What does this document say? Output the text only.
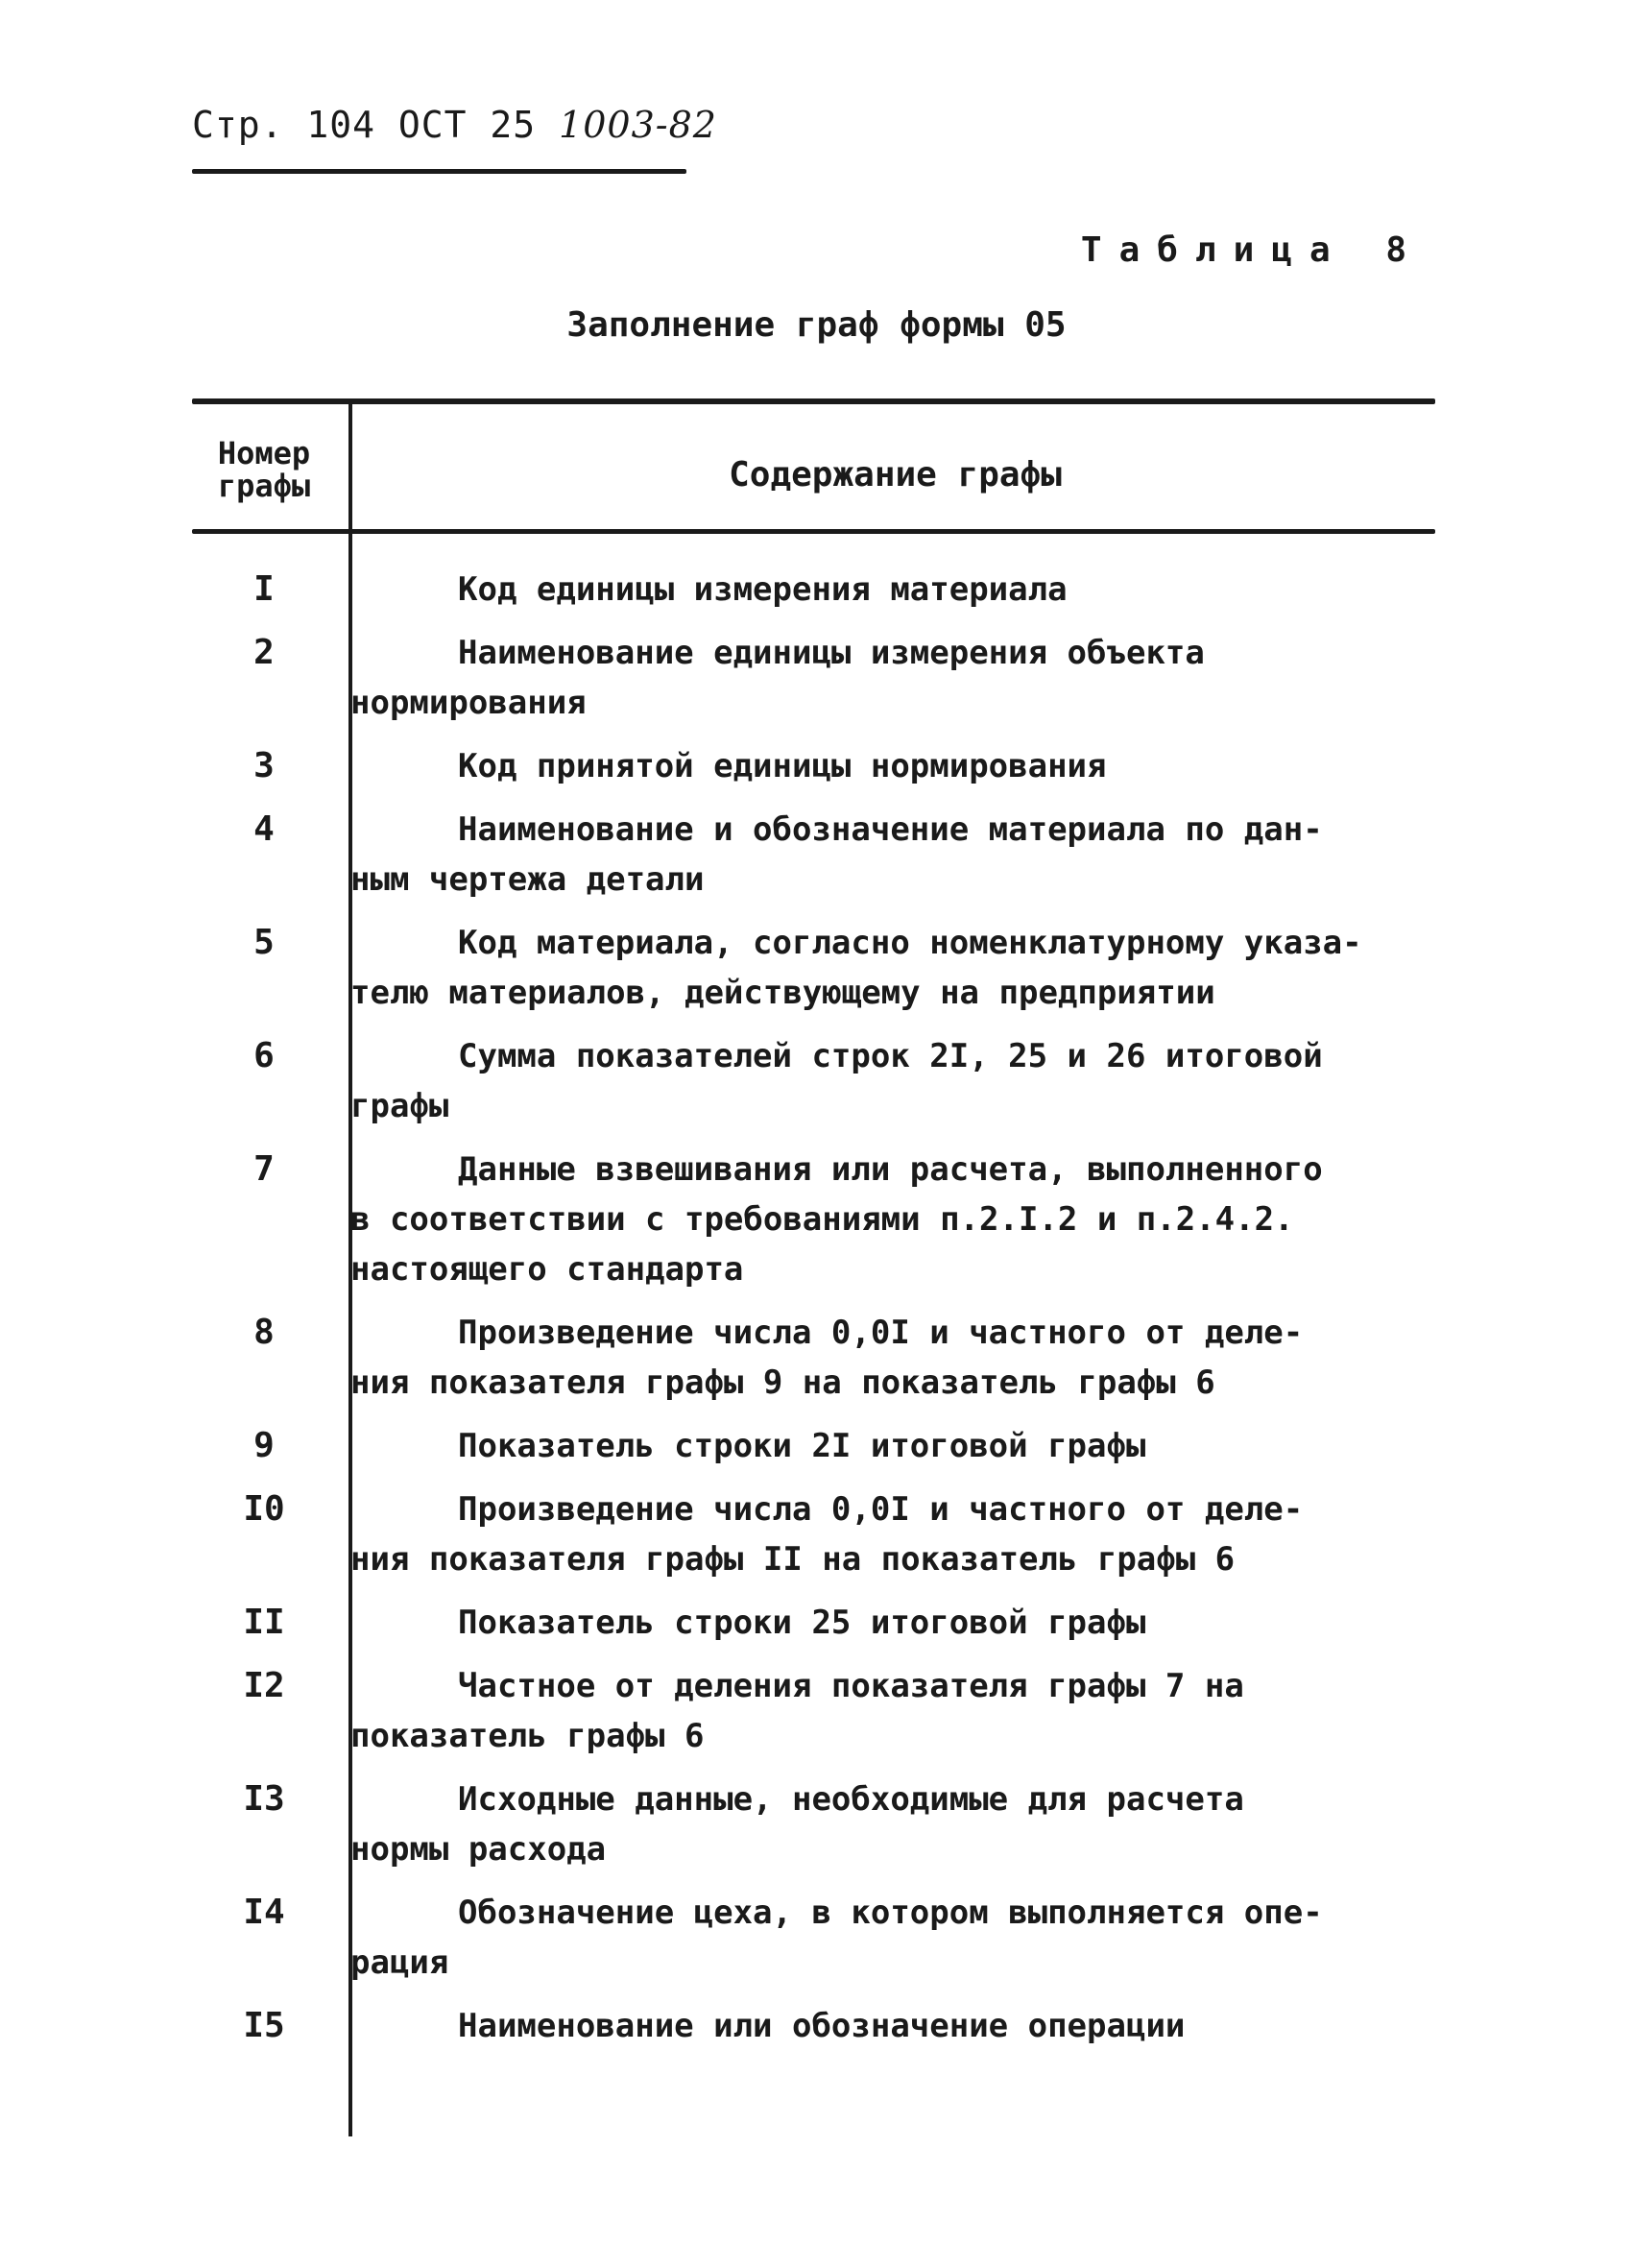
Стр. 104 ОСТ 25 1003-82
Таблица 8
Заполнение граф формы 05
Номер графы	Содержание графы
I	Код единицы измерения материала
2	Наименование единицы измерения объекта
нормирования
3	Код принятой единицы нормирования
4	Наименование и обозначение материала по дан-
ным чертежа детали
5	Код материала, согласно номенклатурному указа-
телю материалов, действующему на предприятии
6	Сумма показателей строк 2I, 25 и 26 итоговой
графы
7	Данные взвешивания или расчета, выполненного
в соответствии с требованиями п.2.I.2 и п.2.4.2.
настоящего стандарта
8	Произведение числа 0,0I и частного от деле-
ния показателя графы 9 на показатель графы 6
9	Показатель строки 2I итоговой графы
I0	Произведение числа 0,0I и частного от деле-
ния показателя графы II на показатель графы 6
II	Показатель строки 25 итоговой графы
I2	Частное от деления показателя графы 7 на
показатель графы 6
I3	Исходные данные, необходимые для расчета
нормы расхода
I4	Обозначение цеха, в котором выполняется опе-
рация
I5	Наименование или обозначение операции
